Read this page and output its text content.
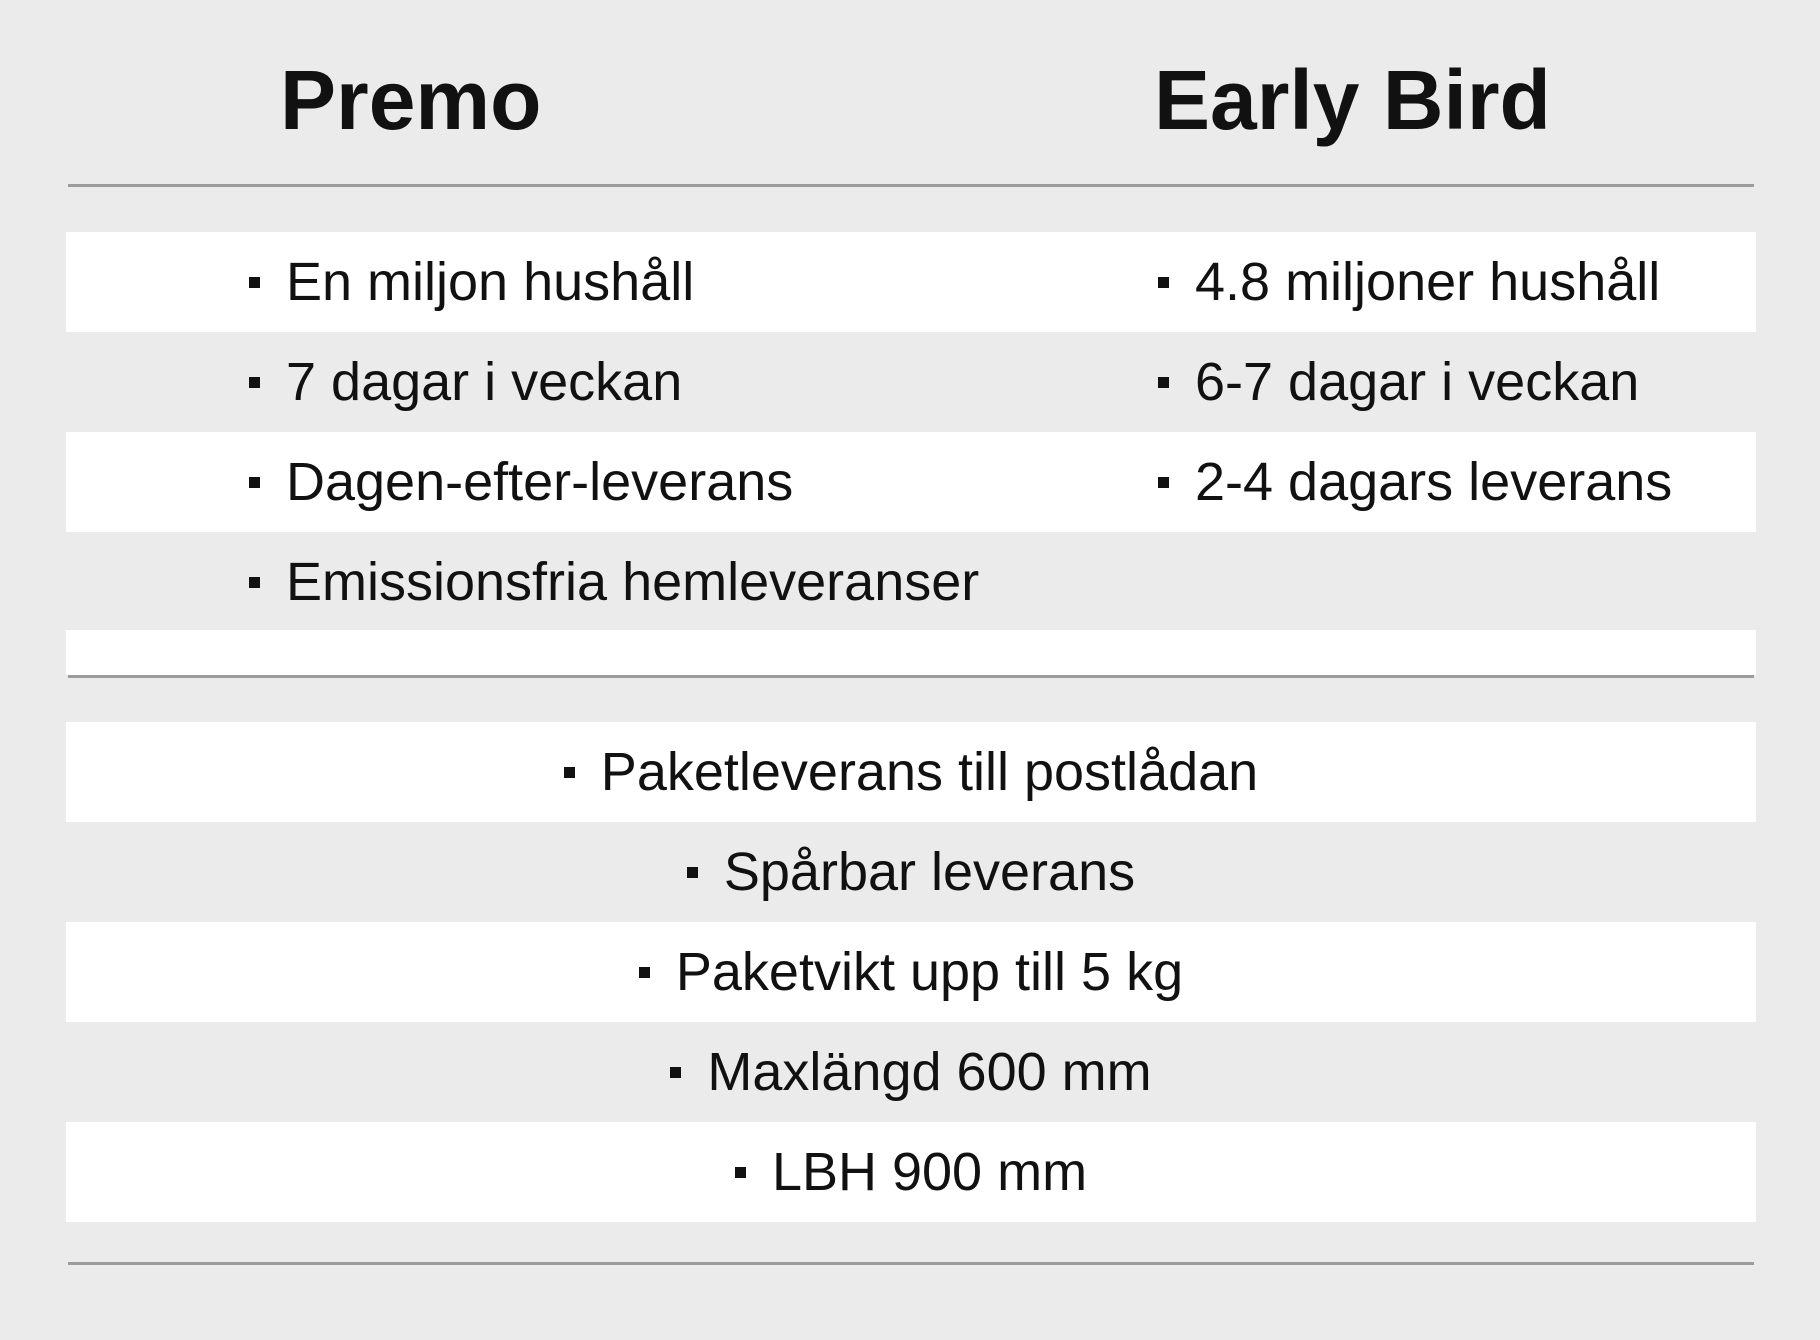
Premo	Early Bird
En miljon hushåll	4.8 miljoner hushåll
7 dagar i veckan	6-7 dagar i veckan
Dagen-efter-leverans	2-4 dagars leverans
Emissionsfria hemleveranser
Paketleverans till postlådan
Spårbar leverans
Paketvikt upp till 5 kg
Maxlängd 600 mm
LBH 900 mm
